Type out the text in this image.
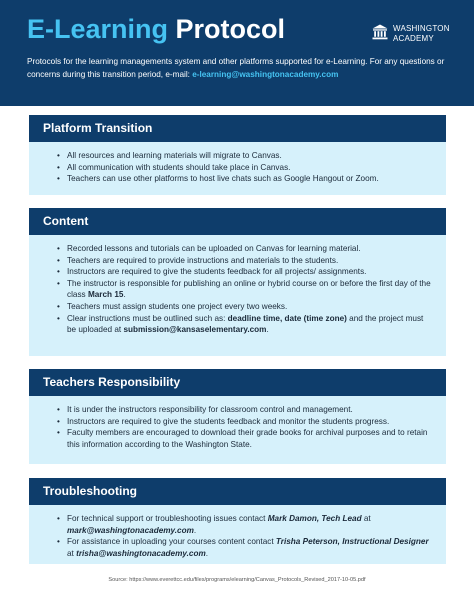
E-Learning Protocol	WASHINGTON
ACADEMY
Protocols for the learning managements system and other platforms supported for e-Learning. For any questions or concerns during this transition period, e-mail: e-learning@washingtonacademy.com
Platform Transition
• All resources and learning materials will migrate to Canvas.
• All communication with students should take place in Canvas.
• Teachers can use other platforms to host live chats such as Google Hangout or Zoom.
Content
• Recorded lessons and tutorials can be uploaded on Canvas for learning material.
• Teachers are required to provide instructions and materials to the students.
• Instructors are required to give the students feedback for all projects/ assignments.
• The instructor is responsible for publishing an online or hybrid course on or before the first day of the class March 15.
• Teachers must assign students one project every two weeks.
• Clear instructions must be outlined such as: deadline time, date (time zone) and the project must be uploaded at submission@kansaselementary.com.
Teachers Responsibility
• It is under the instructors responsibility for classroom control and management.
• Instructors are required to give the students feedback and monitor the students progress.
• Faculty members are encouraged to download their grade books for archival purposes and to retain this information according to the Washington State.
Troubleshooting
• For technical support or troubleshooting issues contact Mark Damon, Tech Lead at mark@washingtonacademy.com.
• For assistance in uploading your courses content contact Trisha Peterson, Instructional Designer at trisha@washingtonacademy.com.
Source: https://www.everettcc.edu/files/programs/elearning/Canvas_Protocols_Revised_2017-10-05.pdf
